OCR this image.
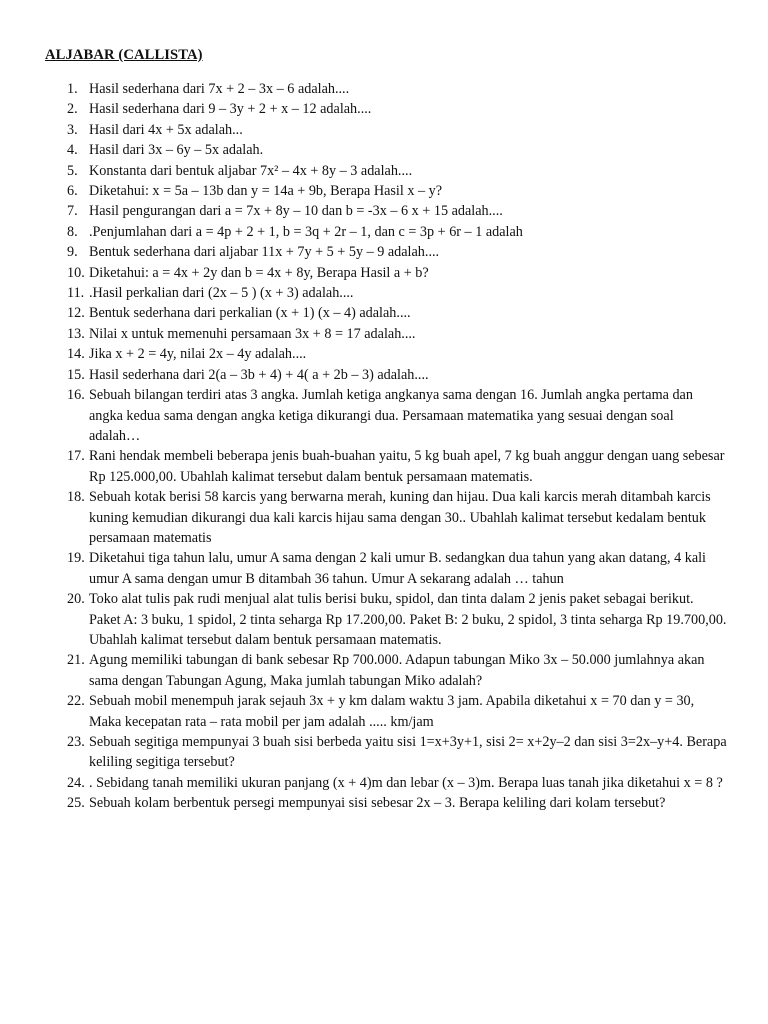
ALJABAR (CALLISTA)
1. Hasil sederhana dari 7x + 2 – 3x – 6 adalah....
2. Hasil sederhana dari 9 – 3y + 2 + x – 12 adalah....
3. Hasil dari 4x + 5x adalah...
4. Hasil dari 3x – 6y – 5x adalah.
5. Konstanta dari bentuk aljabar 7x² – 4x + 8y – 3 adalah....
6. Diketahui: x = 5a – 13b dan y = 14a + 9b, Berapa Hasil x – y?
7. Hasil pengurangan dari a = 7x + 8y – 10 dan b = -3x – 6 x + 15 adalah....
8. .Penjumlahan dari a = 4p + 2 + 1, b = 3q + 2r – 1, dan c = 3p + 6r – 1 adalah
9. Bentuk sederhana dari aljabar 11x + 7y + 5 + 5y – 9 adalah....
10. Diketahui: a = 4x + 2y dan b = 4x + 8y, Berapa Hasil a + b?
11. .Hasil perkalian dari (2x – 5 ) (x + 3) adalah....
12. Bentuk sederhana dari perkalian (x + 1) (x – 4) adalah....
13. Nilai x untuk memenuhi persamaan 3x + 8 = 17 adalah....
14. Jika x + 2 = 4y, nilai 2x – 4y adalah....
15. Hasil sederhana dari 2(a – 3b + 4) + 4( a + 2b – 3) adalah....
16. Sebuah bilangan terdiri atas 3 angka. Jumlah ketiga angkanya sama dengan 16. Jumlah angka pertama dan angka kedua sama dengan angka ketiga dikurangi dua. Persamaan matematika yang sesuai dengan soal adalah…
17. Rani hendak membeli beberapa jenis buah-buahan yaitu, 5 kg buah apel, 7 kg buah anggur dengan uang sebesar Rp 125.000,00. Ubahlah kalimat tersebut dalam bentuk persamaan matematis.
18. Sebuah kotak berisi 58 karcis yang berwarna merah, kuning dan hijau. Dua kali karcis merah ditambah karcis kuning kemudian dikurangi dua kali karcis hijau sama dengan 30.. Ubahlah kalimat tersebut kedalam bentuk persamaan matematis
19. Diketahui tiga tahun lalu, umur A sama dengan 2 kali umur B. sedangkan dua tahun yang akan datang, 4 kali umur A sama dengan umur B ditambah 36 tahun. Umur A sekarang adalah … tahun
20. Toko alat tulis pak rudi menjual alat tulis berisi buku, spidol, dan tinta dalam 2 jenis paket sebagai berikut. Paket A: 3 buku, 1 spidol, 2 tinta seharga Rp 17.200,00. Paket B: 2 buku, 2 spidol, 3 tinta seharga Rp 19.700,00. Ubahlah kalimat tersebut dalam bentuk persamaan matematis.
21. Agung memiliki tabungan di bank sebesar Rp 700.000. Adapun tabungan Miko 3x – 50.000 jumlahnya akan sama dengan Tabungan Agung, Maka jumlah tabungan Miko adalah?
22. Sebuah mobil menempuh jarak sejauh 3x + y km dalam waktu 3 jam. Apabila diketahui x = 70 dan y = 30, Maka kecepatan rata – rata mobil per jam adalah ..... km/jam
23. Sebuah segitiga mempunyai 3 buah sisi berbeda yaitu sisi 1=x+3y+1, sisi 2= x+2y–2 dan sisi 3=2x–y+4. Berapa keliling segitiga tersebut?
24. . Sebidang tanah memiliki ukuran panjang (x + 4)m dan lebar (x – 3)m. Berapa luas tanah jika diketahui x = 8 ?
25. Sebuah kolam berbentuk persegi mempunyai sisi sebesar 2x – 3. Berapa keliling dari kolam tersebut?
